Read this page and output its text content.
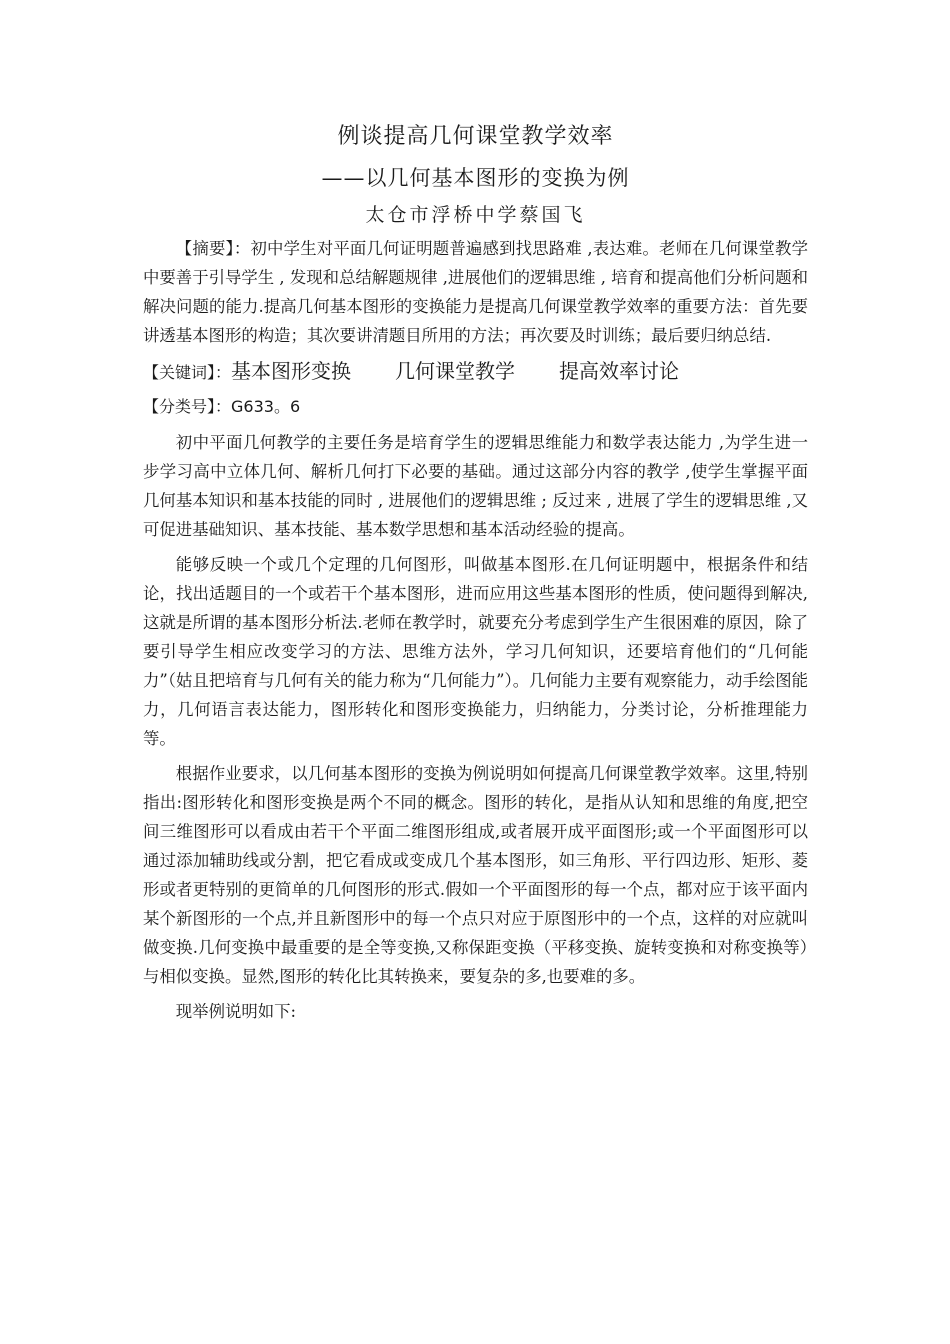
例谈提高几何课堂教学效率
——以几何基本图形的变换为例
太仓市浮桥中学蔡国飞

【摘要】：初中学生对平面几何证明题普遍感到找思路难 ,表达难。老师在几何课堂教学中要善于引导学生 , 发现和总结解题规律 ,进展他们的逻辑思维 , 培育和提高他们分析问题和解决问题的能力.提高几何基本图形的变换能力是提高几何课堂教学效率的重要方法：首先要讲透基本图形的构造；其次要讲清题目所用的方法；再次要及时训练；最后要归纳总结.

【关键词】：基本图形变换 几何课堂教学 提高效率讨论
【分类号】：G633。6

初中平面几何教学的主要任务是培育学生的逻辑思维能力和数学表达能力 ,为学生进一步学习高中立体几何、解析几何打下必要的基础。通过这部分内容的教学 ,使学生掌握平面几何基本知识和基本技能的同时 , 进展他们的逻辑思维 ; 反过来 , 进展了学生的逻辑思维 ,又可促进基础知识、基本技能、基本数学思想和基本活动经验的提高。

能够反映一个或几个定理的几何图形，叫做基本图形.在几何证明题中，根据条件和结论，找出适题目的一个或若干个基本图形，进而应用这些基本图形的性质，使问题得到解决,这就是所谓的基本图形分析法.老师在教学时，就要充分考虑到学生产生很困难的原因，除了要引导学生相应改变学习的方法、思维方法外，学习几何知识，还要培育他们的“几何能力”（姑且把培育与几何有关的能力称为“几何能力”）。几何能力主要有观察能力，动手绘图能力，几何语言表达能力，图形转化和图形变换能力，归纳能力，分类讨论，分析推理能力等。

根据作业要求，以几何基本图形的变换为例说明如何提高几何课堂教学效率。这里,特别指出:图形转化和图形变换是两个不同的概念。图形的转化，是指从认知和思维的角度,把空间三维图形可以看成由若干个平面二维图形组成,或者展开成平面图形;或一个平面图形可以通过添加辅助线或分割，把它看成或变成几个基本图形，如三角形、平行四边形、矩形、菱形或者更特别的更简单的几何图形的形式.假如一个平面图形的每一个点，都对应于该平面内某个新图形的一个点,并且新图形中的每一个点只对应于原图形中的一个点，这样的对应就叫做变换.几何变换中最重要的是全等变换,又称保距变换（平移变换、旋转变换和对称变换等）与相似变换。显然,图形的转化比其转换来，要复杂的多,也要难的多。

现举例说明如下:
